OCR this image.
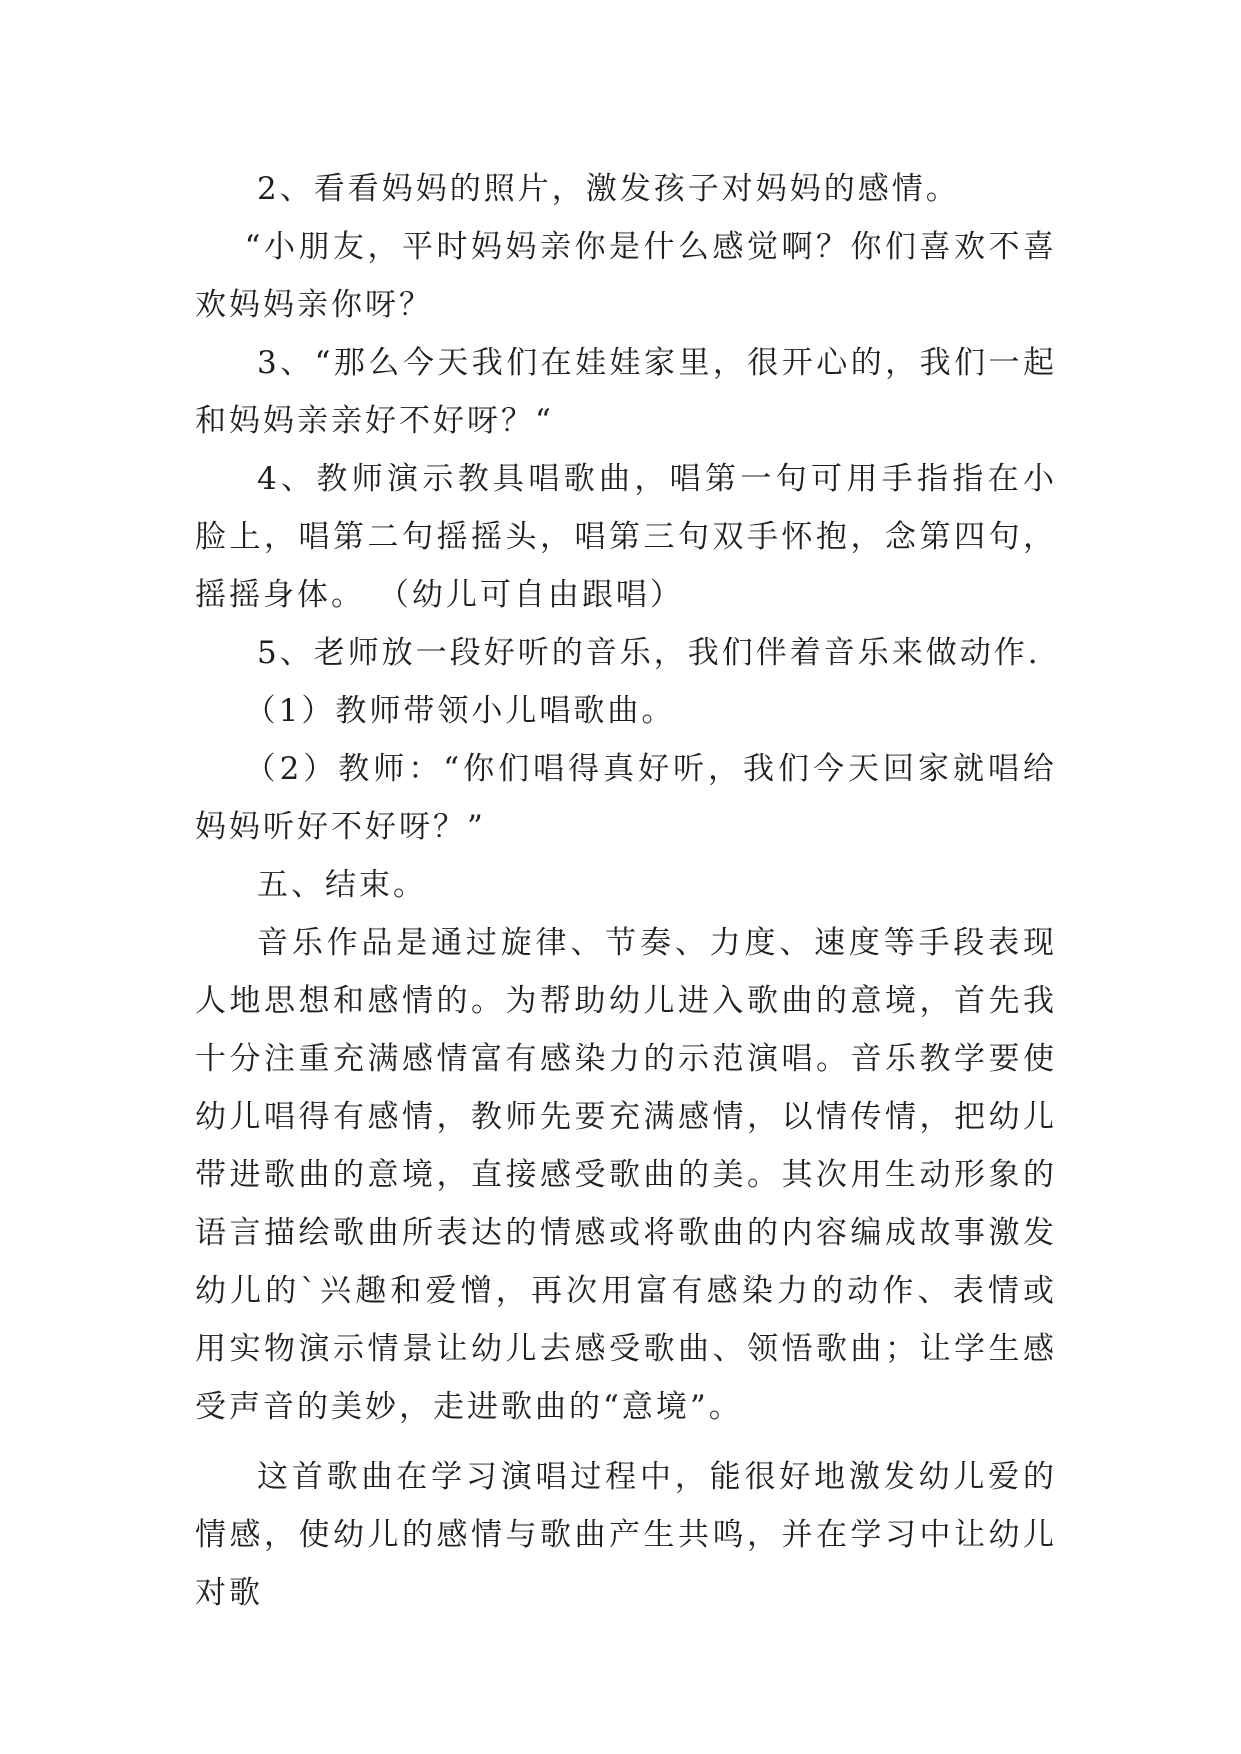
2、看看妈妈的照片，激发孩子对妈妈的感情。

“小朋友，平时妈妈亲你是什么感觉啊？你们喜欢不喜欢妈妈亲你呀？

3、“那么今天我们在娃娃家里，很开心的，我们一起和妈妈亲亲好不好呀？“

4、教师演示教具唱歌曲，唱第一句可用手指指在小脸上，唱第二句摇摇头，唱第三句双手怀抱，念第四句，摇摇身体。 （幼儿可自由跟唱）

5、老师放一段好听的音乐，我们伴着音乐来做动作.

（1）教师带领小儿唱歌曲。

（2）教师：“你们唱得真好听，我们今天回家就唱给妈妈听好不好呀？”

五、结束。

音乐作品是通过旋律、节奏、力度、速度等手段表现人地思想和感情的。为帮助幼儿进入歌曲的意境，首先我十分注重充满感情富有感染力的示范演唱。音乐教学要使幼儿唱得有感情，教师先要充满感情，以情传情，把幼儿带进歌曲的意境，直接感受歌曲的美。其次用生动形象的语言描绘歌曲所表达的情感或将歌曲的内容编成故事激发幼儿的`兴趣和爱憎，再次用富有感染力的动作、表情或用实物演示情景让幼儿去感受歌曲、领悟歌曲；让学生感受声音的美妙，走进歌曲的“意境”。

这首歌曲在学习演唱过程中，能很好地激发幼儿爱的情感，使幼儿的感情与歌曲产生共鸣，并在学习中让幼儿对歌
